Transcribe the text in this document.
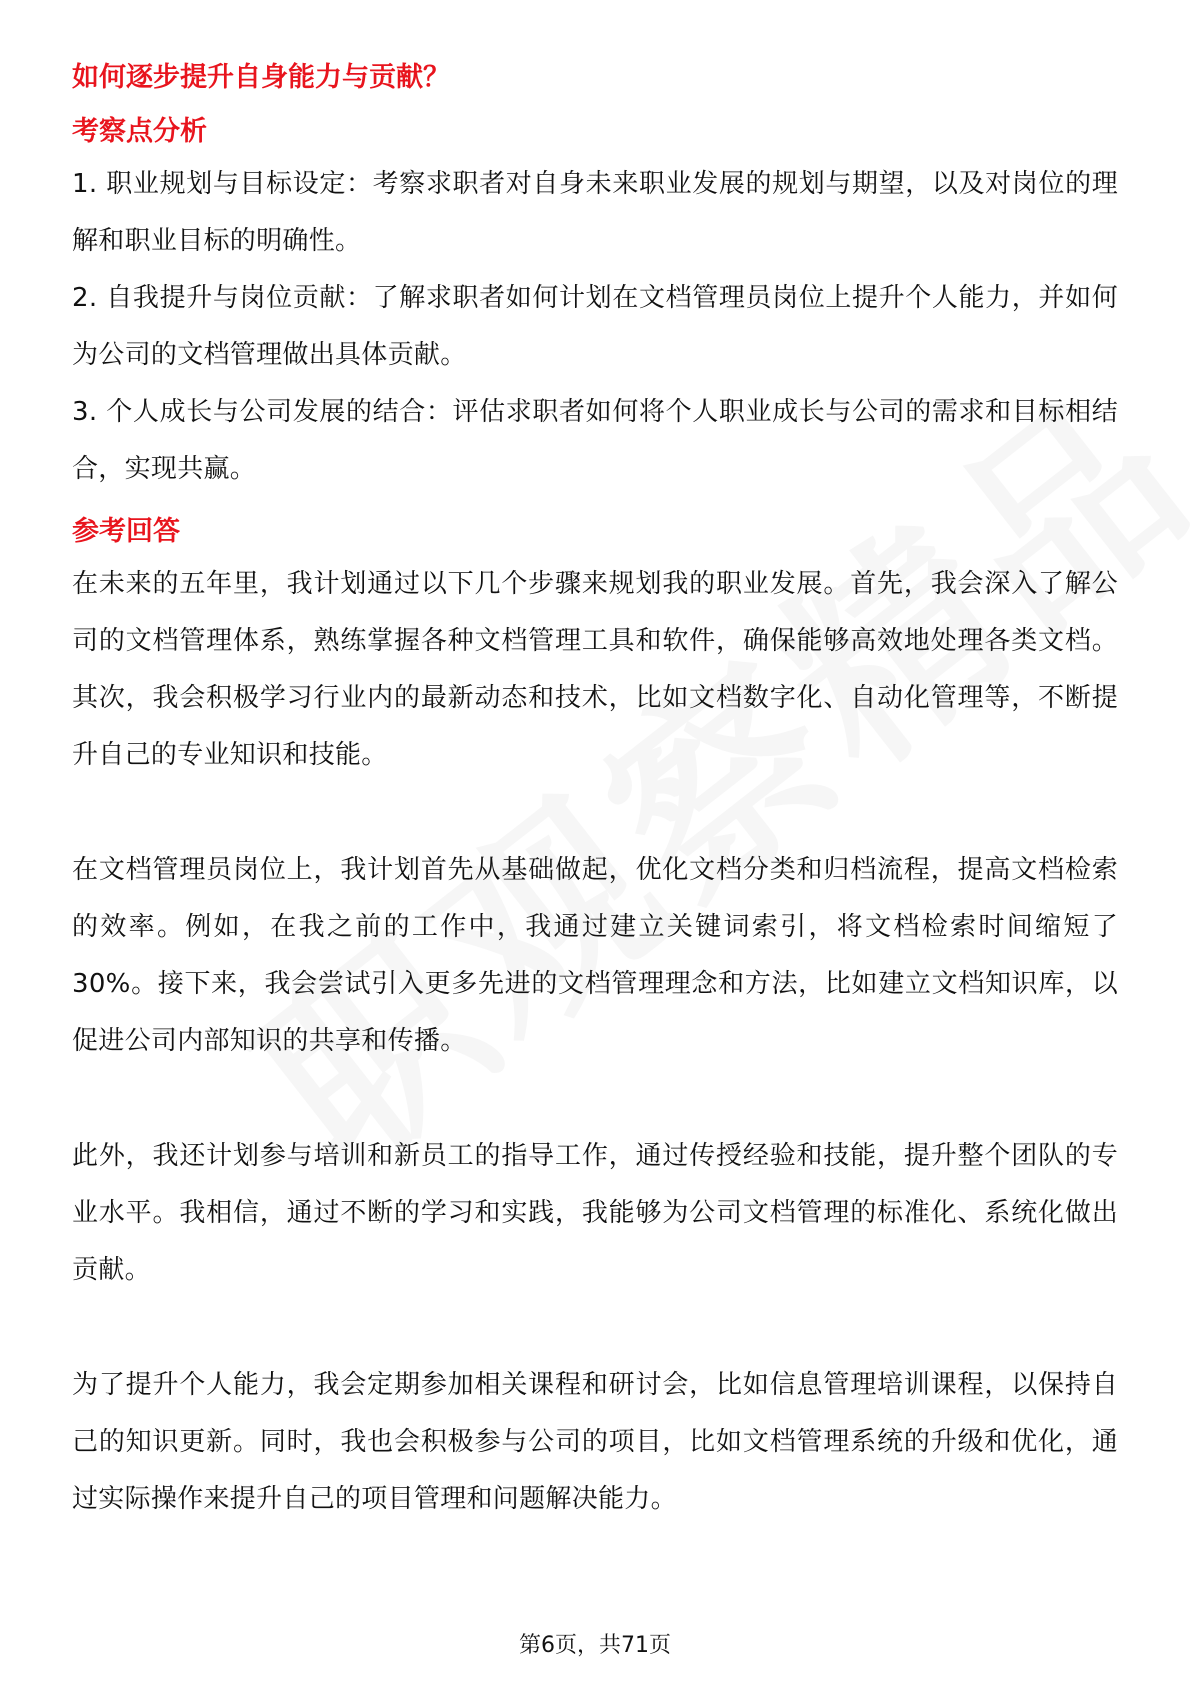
如何逐步提升自身能力与贡献？
考察点分析

1. 职业规划与目标设定：考察求职者对自身未来职业发展的规划与期望，以及对岗位的理解和职业目标的明确性。

2. 自我提升与岗位贡献：了解求职者如何计划在文档管理员岗位上提升个人能力，并如何为公司的文档管理做出具体贡献。

3. 个人成长与公司发展的结合：评估求职者如何将个人职业成长与公司的需求和目标相结合，实现共赢。

参考回答

在未来的五年里，我计划通过以下几个步骤来规划我的职业发展。首先，我会深入了解公司的文档管理体系，熟练掌握各种文档管理工具和软件，确保能够高效地处理各类文档。其次，我会积极学习行业内的最新动态和技术，比如文档数字化、自动化管理等，不断提升自己的专业知识和技能。

在文档管理员岗位上，我计划首先从基础做起，优化文档分类和归档流程，提高文档检索的效率。例如，在我之前的工作中，我通过建立关键词索引，将文档检索时间缩短了30%。接下来，我会尝试引入更多先进的文档管理理念和方法，比如建立文档知识库，以促进公司内部知识的共享和传播。

此外，我还计划参与培训和新员工的指导工作，通过传授经验和技能，提升整个团队的专业水平。我相信，通过不断的学习和实践，我能够为公司文档管理的标准化、系统化做出贡献。

为了提升个人能力，我会定期参加相关课程和研讨会，比如信息管理培训课程，以保持自己的知识更新。同时，我也会积极参与公司的项目，比如文档管理系统的升级和优化，通过实际操作来提升自己的项目管理和问题解决能力。

第6页，共71页
